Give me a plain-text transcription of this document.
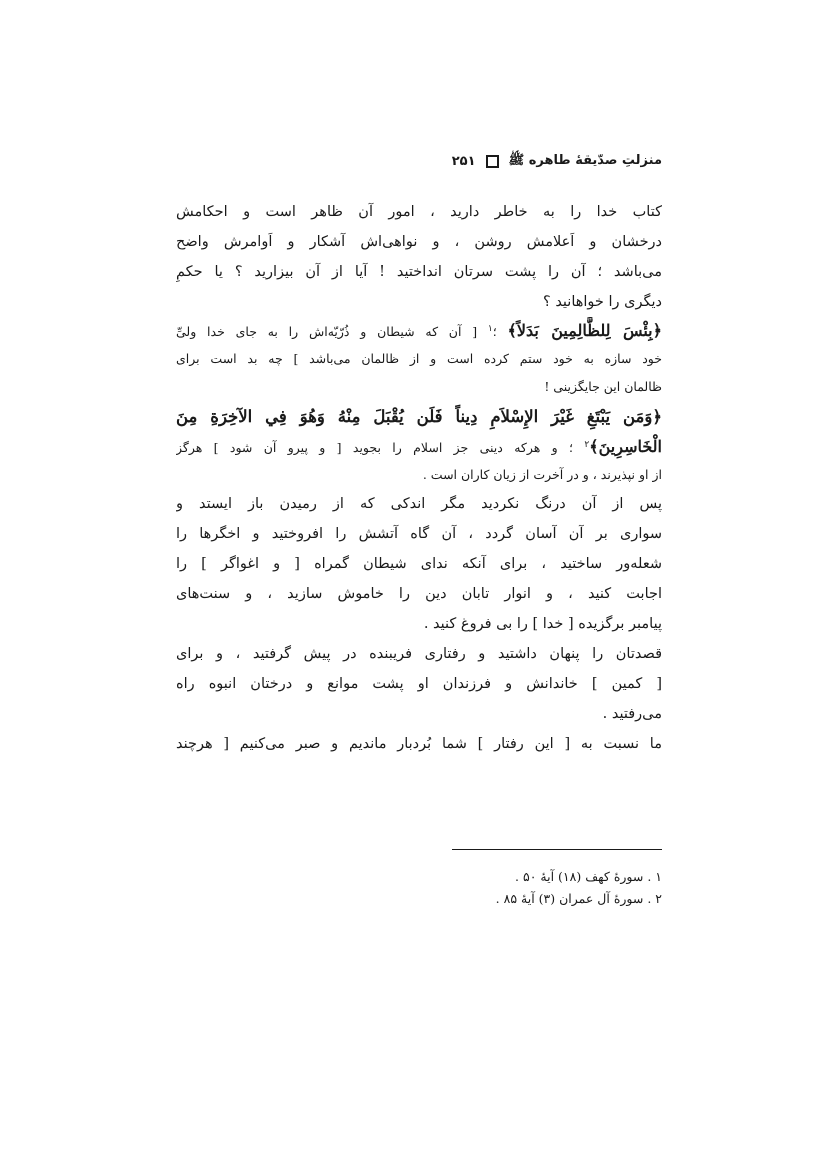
منزلتِ صدّیقهٔ طاهره ﷺ
۲۵۱
کتاب خدا را به خاطر دارید ، امور آن ظاهر است و احکامش
درخشان و اَعلامش روشن ، و نواهی‌اش آشکار و اَوامرش واضح
می‌باشد ؛ آن را پشت سرتان انداختید ! آیا از آن بیزارید ؟ یا حکمِ
دیگری را خواهانید ؟
﴿بِئْسَ لِلظَّالِمِينَ بَدَلاً﴾ ؛$^۱$ [ آن که شیطان و ذُرّیّه‌اش را به جای خدا ولیِّ
خود سازه به خود ستم کرده است و از ظالمان می‌باشد ] چه بد است برای
ظالمان این جایگزینی !
﴿وَمَن يَبْتَغِ غَيْرَ الإِسْلاَمِ دِيناً فَلَن يُقْبَلَ مِنْهُ وَهُوَ فِي الآخِرَةِ مِنَ
الْخَاسِرِينَ﴾$^۲$ ؛ و هرکه دینی جز اسلام را بجوید [ و پیرو آن شود ] هرگز
از او نپذیرند ، و در آخرت از زیان کاران است .
پس از آن درنگ نکردید مگر اندکی که از رمیدن باز ایستد و
سواری بر آن آسان گردد ، آن گاه آتشش را افروختید و اخگرها را
شعله‌ور ساختید ، برای آنکه ندای شیطان گمراه [ و اغواگر ] را
اجابت کنید ، و انوار تابان دین را خاموش سازید ، و سنت‌های
پیامبر برگزیده [ خدا ] را بی فروغ کنید .
قصدتان را پنهان داشتید و رفتاری فریبنده در پیش گرفتید ، و برای
[ کمین ] خاندانش و فرزندان او پشت موانع و درختان انبوه راه
می‌رفتید .
ما نسبت به [ این رفتار ] شما بُردبار ماندیم و صبر می‌کنیم [ هرچند
۱ . سورهٔ کهف (۱۸) آیهٔ ۵۰ .
۲ . سورهٔ آل عمران (۳) آیهٔ ۸۵ .
